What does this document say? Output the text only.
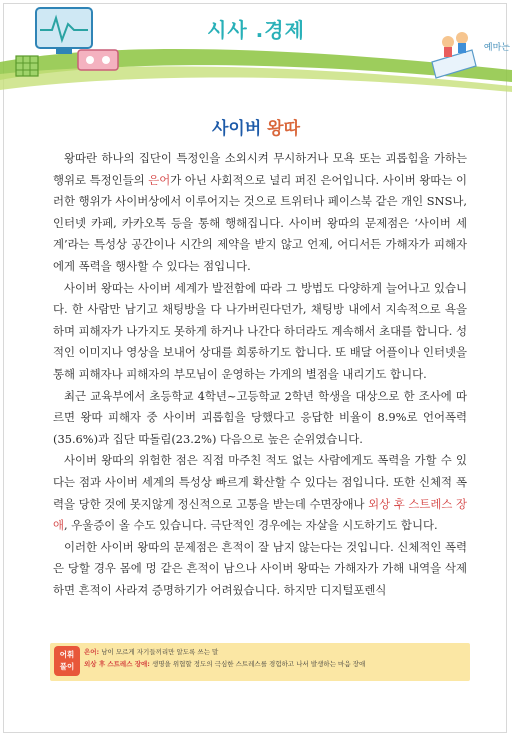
시사 .경제
예마는
사이버 왕따

왕따란 하나의 집단이 특정인을 소외시켜 무시하거나 모욕 또는 괴롭힘을 가하는 행위로 특정인들의 은어가 아닌 사회적으로 널리 퍼진 은어입니다. 사이버 왕따는 이러한 행위가 사이버상에서 이루어지는 것으로 트위터나 페이스북 같은 개인 SNS나, 인터넷 카페, 카카오톡 등을 통해 행해집니다. 사이버 왕따의 문제점은 ‘사이버 세계’라는 특성상 공간이나 시간의 제약을 받지 않고 언제, 어디서든 가해자가 피해자에게 폭력을 행사할 수 있다는 점입니다.

사이버 왕따는 사이버 세계가 발전함에 따라 그 방법도 다양하게 늘어나고 있습니다. 한 사람만 남기고 채팅방을 다 나가버린다던가, 채팅방 내에서 지속적으로 욕을 하며 피해자가 나가지도 못하게 하거나 나간다 하더라도 계속해서 초대를 합니다. 성적인 이미지나 영상을 보내어 상대를 희롱하기도 합니다. 또 배달 어플이나 인터넷을 통해 피해자나 피해자의 부모님이 운영하는 가게의 별점을 내리기도 합니다.

최근 교육부에서 초등학교 4학년~고등학교 2학년 학생을 대상으로 한 조사에 따르면 왕따 피해자 중 사이버 괴롭힘을 당했다고 응답한 비율이 8.9%로 언어폭력(35.6%)과 집단 따돌림(23.2%) 다음으로 높은 순위였습니다.

사이버 왕따의 위험한 점은 직접 마주친 적도 없는 사람에게도 폭력을 가할 수 있다는 점과 사이버 세계의 특성상 빠르게 확산할 수 있다는 점입니다. 또한 신체적 폭력을 당한 것에 못지않게 정신적으로 고통을 받는데 수면장애나 외상 후 스트레스 장애, 우울증이 올 수도 있습니다. 극단적인 경우에는 자살을 시도하기도 합니다.

이러한 사이버 왕따의 문제점은 흔적이 잘 남지 않는다는 것입니다. 신체적인 폭력은 당할 경우 몸에 멍 같은 흔적이 남으나 사이버 왕따는 가해자가 가해 내역을 삭제하면 흔적이 사라져 증명하기가 어려웠습니다. 하지만 디지털포렌식

어휘
풀이
은어: 남이 모르게 자기들끼리만 알도록 쓰는 말
외상 후 스트레스 장애: 생명을 위협할 정도의 극심한 스트레스를 경험하고 나서 발생하는 마음 장애
